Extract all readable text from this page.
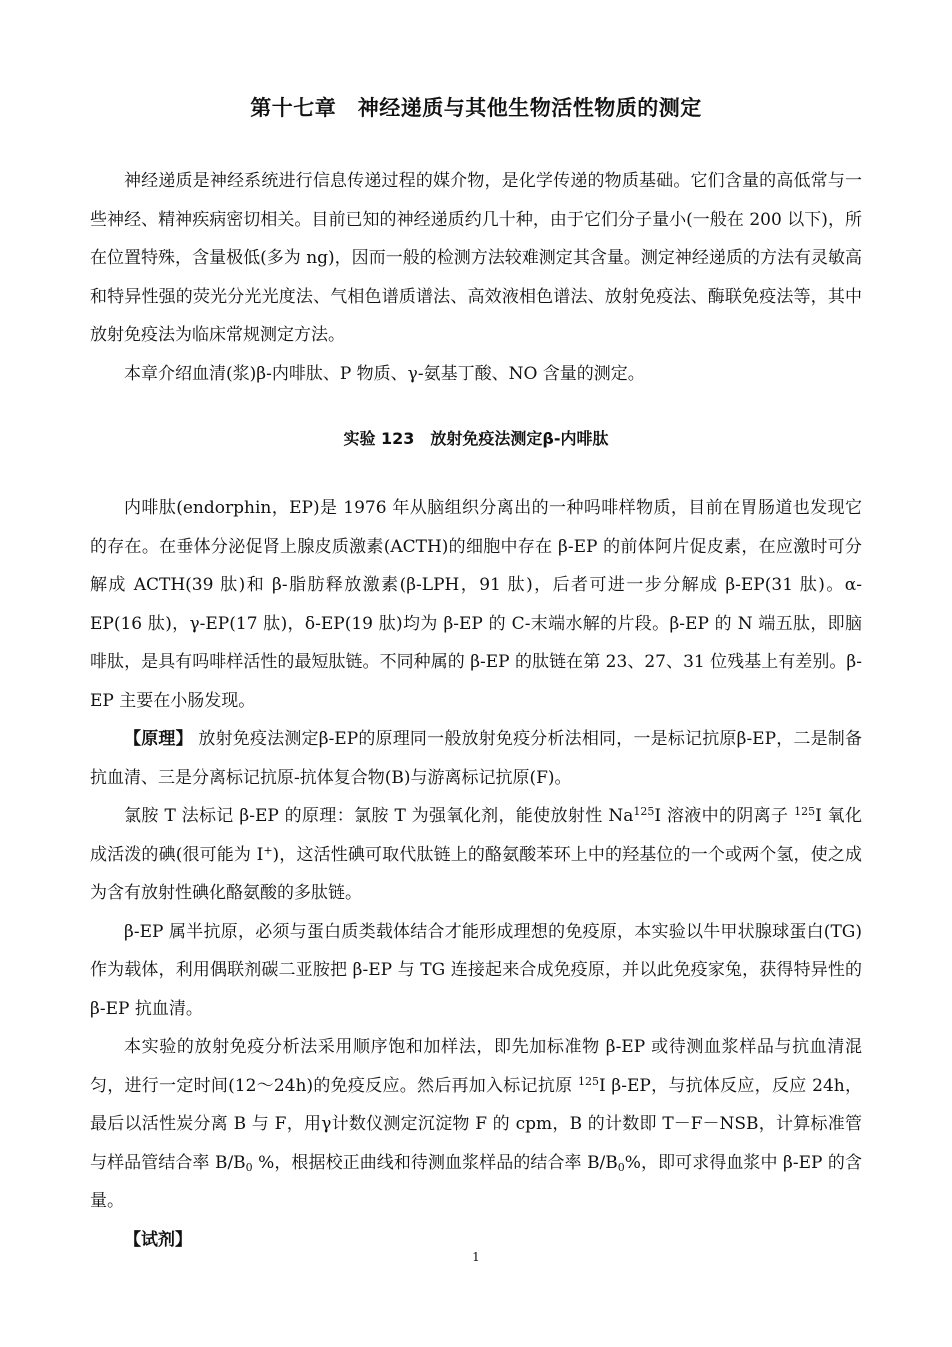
第十七章　神经递质与其他生物活性物质的测定

神经递质是神经系统进行信息传递过程的媒介物，是化学传递的物质基础。它们含量的高低常与一些神经、精神疾病密切相关。目前已知的神经递质约几十种，由于它们分子量小(一般在 200 以下)，所在位置特殊，含量极低(多为 ng)，因而一般的检测方法较难测定其含量。测定神经递质的方法有灵敏高和特异性强的荧光分光光度法、气相色谱质谱法、高效液相色谱法、放射免疫法、酶联免疫法等，其中放射免疫法为临床常规测定方法。

本章介绍血清(浆)β-内啡肽、P 物质、γ-氨基丁酸、NO 含量的测定。

实验 123　放射免疫法测定β-内啡肽

内啡肽(endorphin，EP)是 1976 年从脑组织分离出的一种吗啡样物质，目前在胃肠道也发现它的存在。在垂体分泌促肾上腺皮质激素(ACTH)的细胞中存在 β-EP 的前体阿片促皮素，在应激时可分解成 ACTH(39 肽)和 β-脂肪释放激素(β-LPH，91 肽)，后者可进一步分解成 β-EP(31 肽)。α-EP(16 肽)，γ-EP(17 肽)，δ-EP(19 肽)均为 β-EP 的 C-末端水解的片段。β-EP 的 N 端五肽，即脑啡肽，是具有吗啡样活性的最短肽链。不同种属的 β-EP 的肽链在第 23、27、31 位残基上有差别。β-EP 主要在小肠发现。

【原理】 放射免疫法测定β-EP的原理同一般放射免疫分析法相同，一是标记抗原β-EP，二是制备抗血清、三是分离标记抗原-抗体复合物(B)与游离标记抗原(F)。

氯胺 T 法标记 β-EP 的原理：氯胺 T 为强氧化剂，能使放射性 Na$^{125}$I 溶液中的阴离子 $^{125}$I 氧化成活泼的碘(很可能为 I+)，这活性碘可取代肽链上的酪氨酸苯环上中的羟基位的一个或两个氢，使之成为含有放射性碘化酪氨酸的多肽链。

β-EP 属半抗原，必须与蛋白质类载体结合才能形成理想的免疫原，本实验以牛甲状腺球蛋白(TG)作为载体，利用偶联剂碳二亚胺把 β-EP 与 TG 连接起来合成免疫原，并以此免疫家兔，获得特异性的 β-EP 抗血清。

本实验的放射免疫分析法采用顺序饱和加样法，即先加标准物 β-EP 或待测血浆样品与抗血清混匀，进行一定时间(12～24h)的免疫反应。然后再加入标记抗原 $^{125}$I β-EP，与抗体反应，反应 24h，最后以活性炭分离 B 与 F，用γ计数仪测定沉淀物 F 的 cpm，B 的计数即 T－F－NSB，计算标准管与样品管结合率 $B/B_0$ %，根据校正曲线和待测血浆样品的结合率 $B/B_0\%$，即可求得血浆中 β-EP 的含量。

【试剂】

1
